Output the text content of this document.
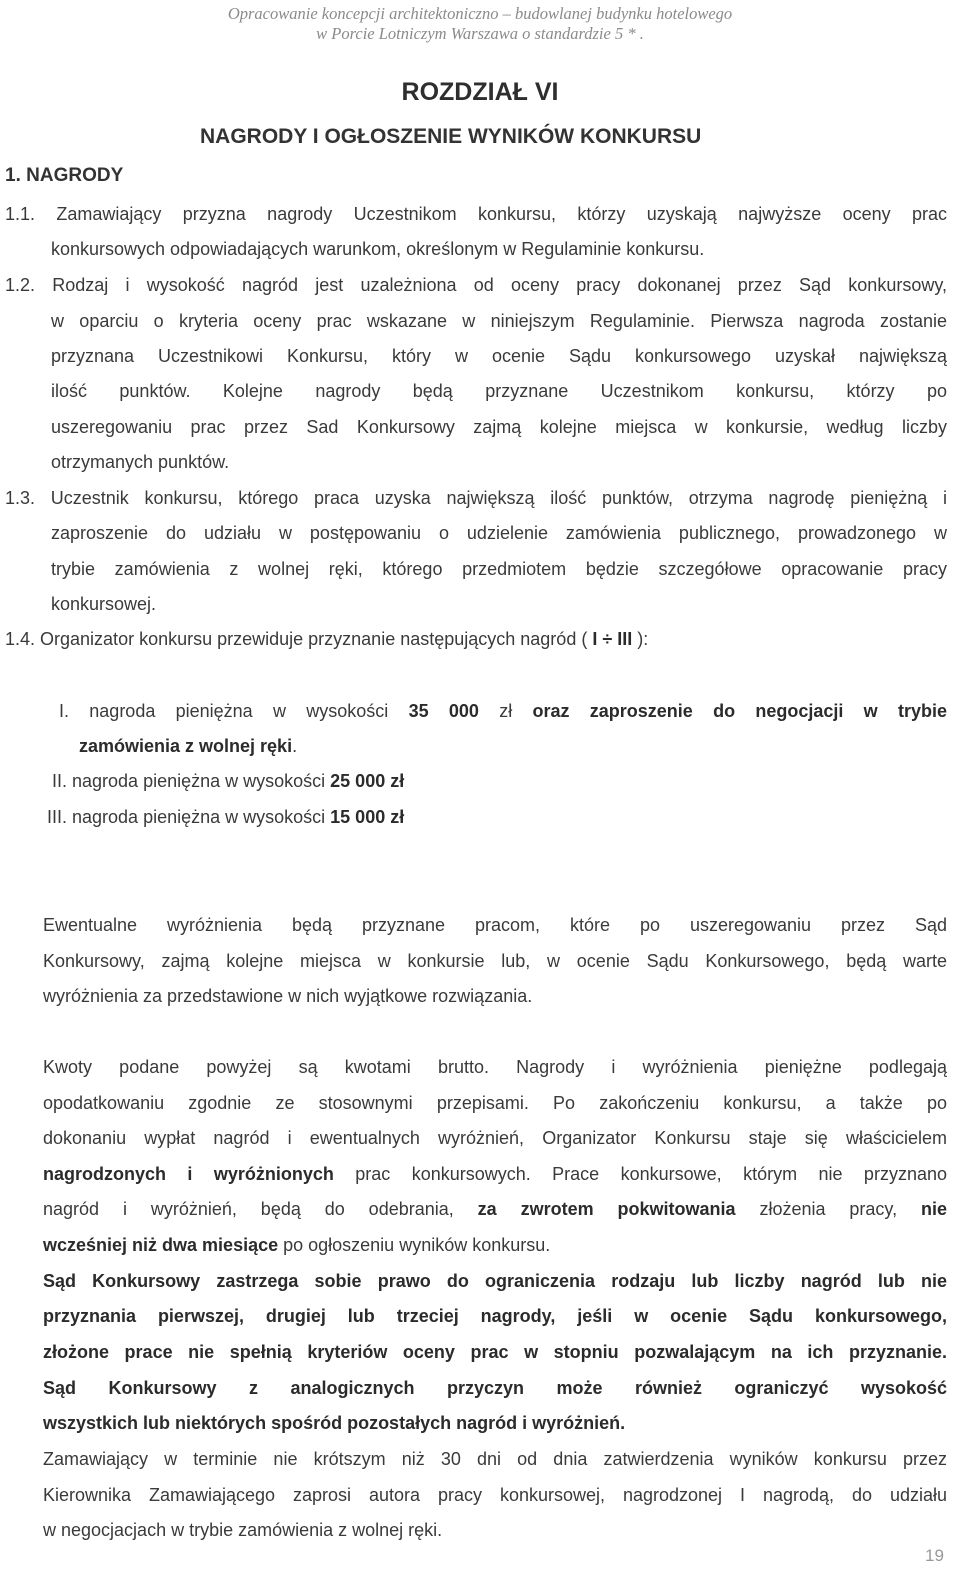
Opracowanie koncepcji architektoniczno – budowlanej budynku hotelowego
w Porcie Lotniczym Warszawa o standardzie 5 * .
ROZDZIAŁ VI
NAGRODY I OGŁOSZENIE WYNIKÓW KONKURSU
1. NAGRODY
1.1. Zamawiający przyzna nagrody Uczestnikom konkursu, którzy uzyskają najwyższe oceny prac
konkursowych odpowiadających warunkom, określonym w Regulaminie konkursu.
1.2. Rodzaj i wysokość nagród jest uzależniona od oceny pracy dokonanej przez Sąd konkursowy,
w oparciu o kryteria oceny prac wskazane w niniejszym Regulaminie. Pierwsza nagroda zostanie
przyznana Uczestnikowi Konkursu, który w ocenie Sądu konkursowego uzyskał największą
ilość punktów. Kolejne nagrody będą przyznane Uczestnikom konkursu, którzy po
uszeregowaniu prac przez Sad Konkursowy zajmą kolejne miejsca w konkursie, według liczby
otrzymanych punktów.
1.3. Uczestnik konkursu, którego praca uzyska największą ilość punktów, otrzyma nagrodę pieniężną i
zaproszenie do udziału w postępowaniu o udzielenie zamówienia publicznego, prowadzonego w
trybie zamówienia z wolnej ręki, którego przedmiotem będzie szczegółowe opracowanie pracy
konkursowej.
1.4. Organizator konkursu przewiduje przyznanie następujących nagród ( I ÷ III ):
I. nagroda pieniężna w wysokości 35 000 zł oraz zaproszenie do negocjacji w trybie
zamówienia z wolnej ręki.
II. nagroda pieniężna w wysokości 25 000 zł
III. nagroda pieniężna w wysokości 15 000 zł
Ewentualne wyróżnienia będą przyznane pracom, które po uszeregowaniu przez Sąd
Konkursowy, zajmą kolejne miejsca w konkursie lub, w ocenie Sądu Konkursowego, będą warte
wyróżnienia za przedstawione w nich wyjątkowe rozwiązania.
Kwoty podane powyżej są kwotami brutto. Nagrody i wyróżnienia pieniężne podlegają
opodatkowaniu zgodnie ze stosownymi przepisami. Po zakończeniu konkursu, a także po
dokonaniu wypłat nagród i ewentualnych wyróżnień, Organizator Konkursu staje się właścicielem
nagrodzonych i wyróżnionych prac konkursowych. Prace konkursowe, którym nie przyznano
nagród i wyróżnień, będą do odebrania, za zwrotem pokwitowania złożenia pracy, nie
wcześniej niż dwa miesiące po ogłoszeniu wyników konkursu.
Sąd Konkursowy zastrzega sobie prawo do ograniczenia rodzaju lub liczby nagród lub nie
przyznania pierwszej, drugiej lub trzeciej nagrody, jeśli w ocenie Sądu konkursowego,
złożone prace nie spełnią kryteriów oceny prac w stopniu pozwalającym na ich przyznanie.
Sąd Konkursowy z analogicznych przyczyn może również ograniczyć wysokość
wszystkich lub niektórych spośród pozostałych nagród i wyróżnień.
Zamawiający w terminie nie krótszym niż 30 dni od dnia zatwierdzenia wyników konkursu przez
Kierownika Zamawiającego zaprosi autora pracy konkursowej, nagrodzonej I nagrodą, do udziału
w negocjacjach w trybie zamówienia z wolnej ręki.
19
